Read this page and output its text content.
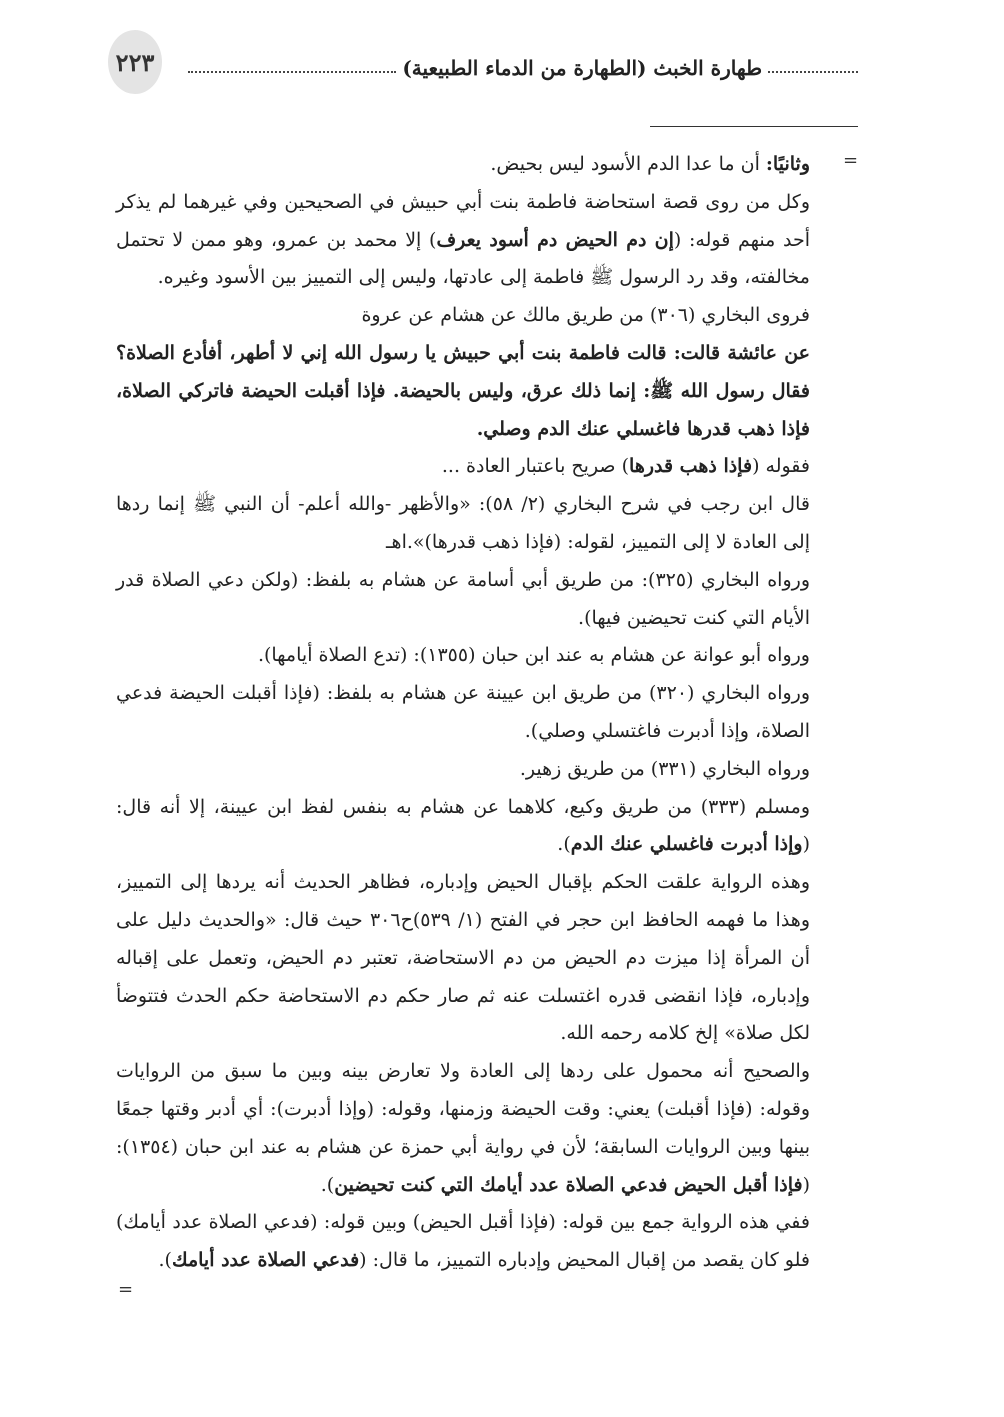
٢٢٣	طهارة الخبث (الطهارة من الدماء الطبيعية)
=
=

وثانيًا: أن ما عدا الدم الأسود ليس بحيض.

وكل من روى قصة استحاضة فاطمة بنت أبي حبيش في الصحيحين وفي غيرهما لم يذكر أحد منهم قوله: (إن دم الحيض دم أسود يعرف) إلا محمد بن عمرو، وهو ممن لا تحتمل مخالفته، وقد رد الرسول ﷺ فاطمة إلى عادتها، وليس إلى التمييز بين الأسود وغيره.

فروى البخاري (٣٠٦) من طريق مالك عن هشام عن عروة

عن عائشة قالت: قالت فاطمة بنت أبي حبيش يا رسول الله إني لا أطهر، أفأدع الصلاة؟ فقال رسول الله ﷺ: إنما ذلك عرق، وليس بالحيضة. فإذا أقبلت الحيضة فاتركي الصلاة، فإذا ذهب قدرها فاغسلي عنك الدم وصلي.

فقوله (فإذا ذهب قدرها) صريح باعتبار العادة ...

قال ابن رجب في شرح البخاري (٢/ ٥٨): «والأظهر -والله أعلم- أن النبي ﷺ إنما ردها إلى العادة لا إلى التمييز، لقوله: (فإذا ذهب قدرها)».اهـ

ورواه البخاري (٣٢٥): من طريق أبي أسامة عن هشام به بلفظ: (ولكن دعي الصلاة قدر الأيام التي كنت تحيضين فيها).

ورواه أبو عوانة عن هشام به عند ابن حبان (١٣٥٥): (تدع الصلاة أيامها).

ورواه البخاري (٣٢٠) من طريق ابن عيينة عن هشام به بلفظ: (فإذا أقبلت الحيضة فدعي الصلاة، وإذا أدبرت فاغتسلي وصلي).

ورواه البخاري (٣٣١) من طريق زهير.

ومسلم (٣٣٣) من طريق وكيع، كلاهما عن هشام به بنفس لفظ ابن عيينة، إلا أنه قال: (وإذا أدبرت فاغسلي عنك الدم).

وهذه الرواية علقت الحكم بإقبال الحيض وإدباره، فظاهر الحديث أنه يردها إلى التمييز، وهذا ما فهمه الحافظ ابن حجر في الفتح (١/ ٥٣٩)ح٣٠٦ حيث قال: «والحديث دليل على أن المرأة إذا ميزت دم الحيض من دم الاستحاضة، تعتبر دم الحيض، وتعمل على إقباله وإدباره، فإذا انقضى قدره اغتسلت عنه ثم صار حكم دم الاستحاضة حكم الحدث فتتوضأ لكل صلاة» إلخ كلامه رحمه الله.

والصحيح أنه محمول على ردها إلى العادة ولا تعارض بينه وبين ما سبق من الروايات وقوله: (فإذا أقبلت) يعني: وقت الحيضة وزمنها، وقوله: (وإذا أدبرت): أي أدبر وقتها جمعًا بينها وبين الروايات السابقة؛ لأن في رواية أبي حمزة عن هشام به عند ابن حبان (١٣٥٤): (فإذا أقبل الحيض فدعي الصلاة عدد أيامك التي كنت تحيضين).

ففي هذه الرواية جمع بين قوله: (فإذا أقبل الحيض) وبين قوله: (فدعي الصلاة عدد أيامك) فلو كان يقصد من إقبال المحيض وإدباره التمييز، ما قال: (فدعي الصلاة عدد أيامك).
